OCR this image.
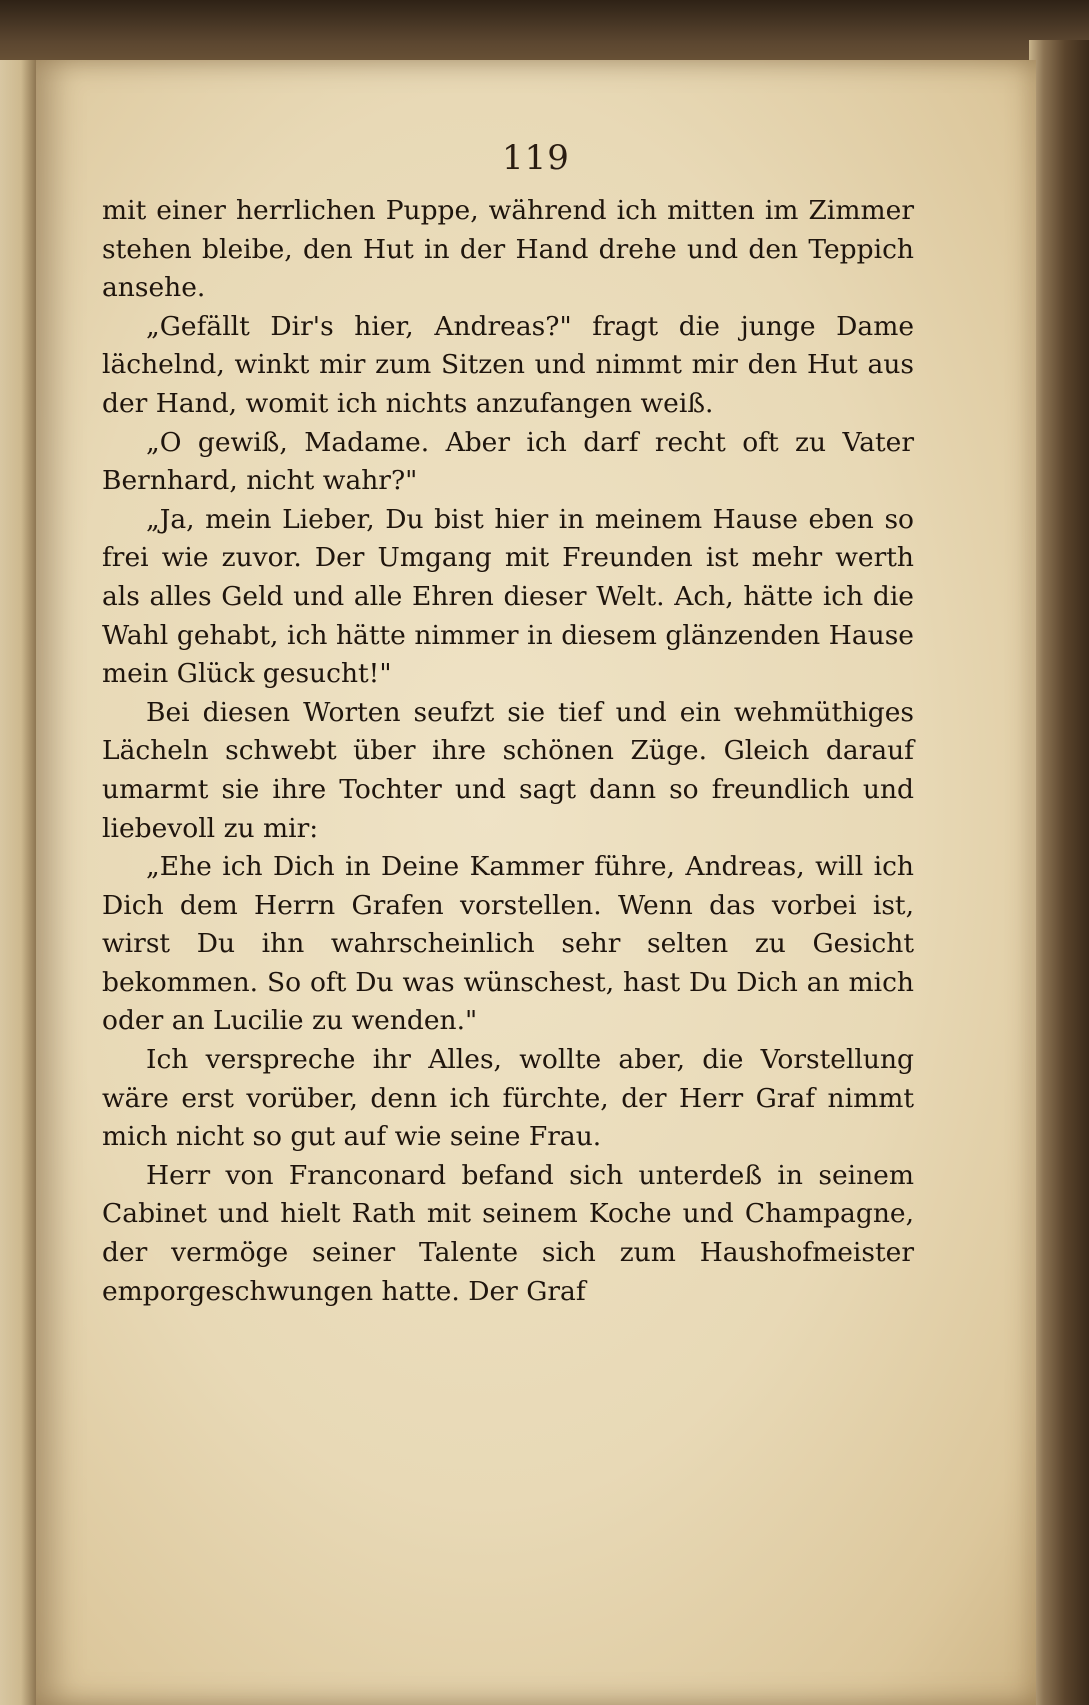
119

mit einer herrlichen Puppe, während ich mitten im Zimmer stehen bleibe, den Hut in der Hand drehe und den Teppich ansehe.

„Gefällt Dir's hier, Andreas?" fragt die junge Dame lächelnd, winkt mir zum Sitzen und nimmt mir den Hut aus der Hand, womit ich nichts anzufangen weiß.

„O gewiß, Madame. Aber ich darf recht oft zu Vater Bernhard, nicht wahr?"

„Ja, mein Lieber, Du bist hier in meinem Hause eben so frei wie zuvor. Der Umgang mit Freunden ist mehr werth als alles Geld und alle Ehren dieser Welt. Ach, hätte ich die Wahl gehabt, ich hätte nimmer in diesem glänzenden Hause mein Glück gesucht!"

Bei diesen Worten seufzt sie tief und ein wehmüthiges Lächeln schwebt über ihre schönen Züge. Gleich darauf umarmt sie ihre Tochter und sagt dann so freundlich und liebevoll zu mir:

„Ehe ich Dich in Deine Kammer führe, Andreas, will ich Dich dem Herrn Grafen vorstellen. Wenn das vorbei ist, wirst Du ihn wahrscheinlich sehr selten zu Gesicht bekommen. So oft Du was wünschest, hast Du Dich an mich oder an Lucilie zu wenden."

Ich verspreche ihr Alles, wollte aber, die Vorstellung wäre erst vorüber, denn ich fürchte, der Herr Graf nimmt mich nicht so gut auf wie seine Frau.

Herr von Franconard befand sich unterdeß in seinem Cabinet und hielt Rath mit seinem Koche und Champagne, der vermöge seiner Talente sich zum Haushofmeister emporgeschwungen hatte. Der Graf
